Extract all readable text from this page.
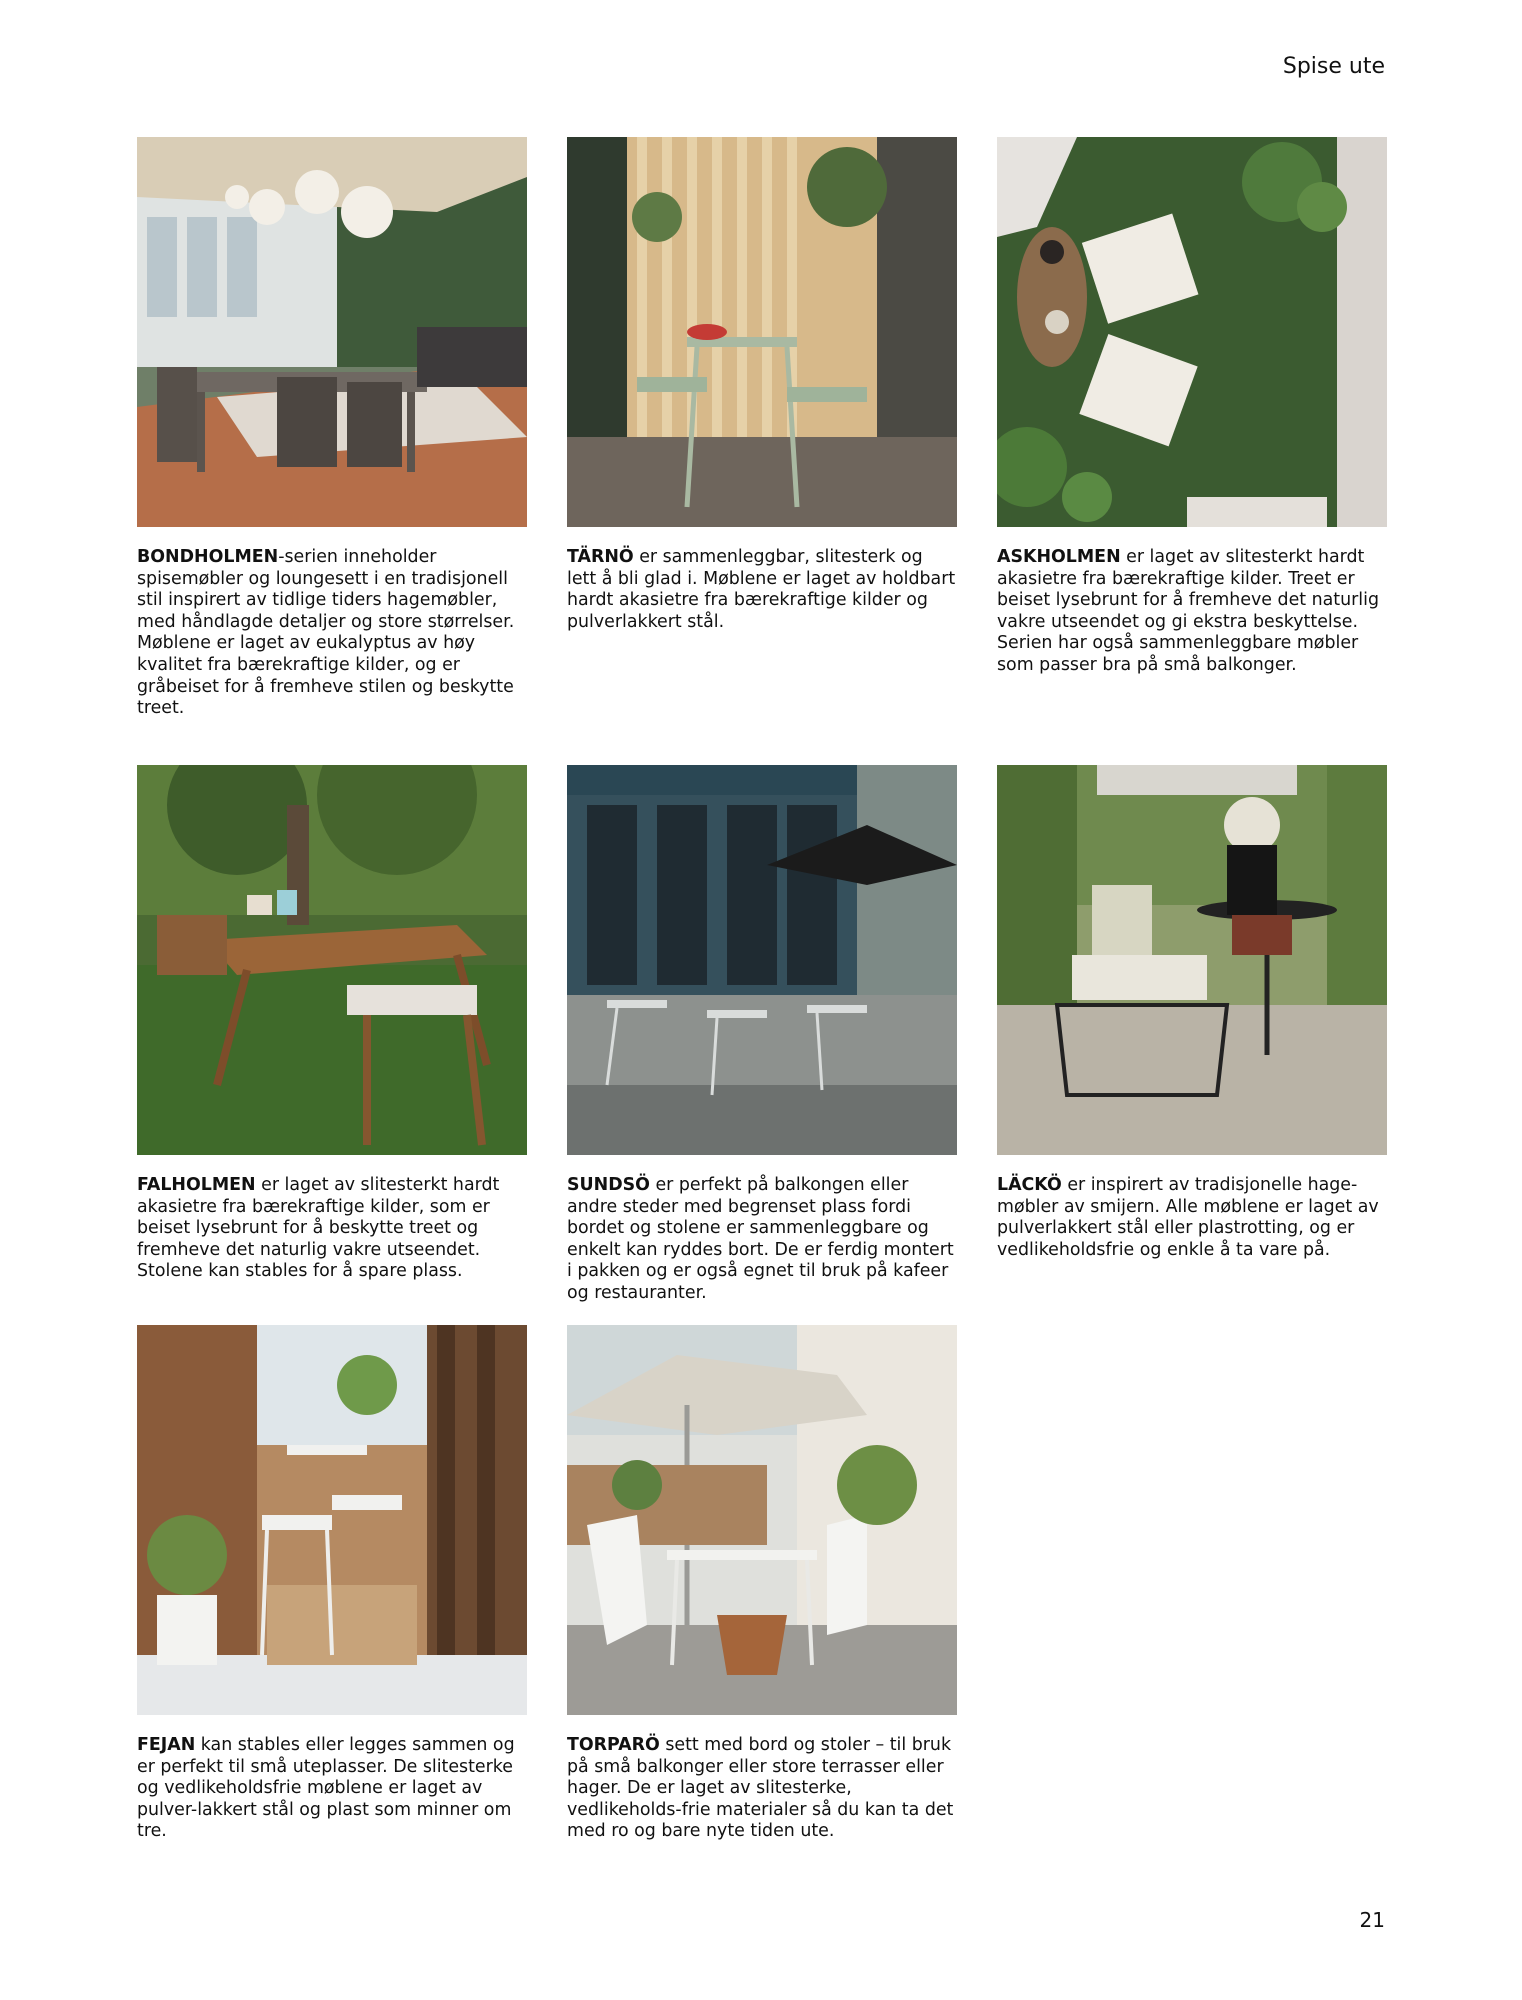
Spise ute
BONDHOLMEN-serien inneholder spisemøbler og loungesett i en tradisjonell stil inspirert av tidlige tiders hagemøbler, med håndlagde detaljer og store størrelser. Møblene er laget av eukalyptus av høy kvalitet fra bærekraftige kilder, og er gråbeiset for å fremheve stilen og beskytte treet.
TÄRNÖ er sammenleggbar, slitesterk og lett å bli glad i. Møblene er laget av holdbart hardt akasietre fra bærekraftige kilder og pulverlakkert stål.
ASKHOLMEN er laget av slitesterkt hardt akasietre fra bærekraftige kilder. Treet er beiset lysebrunt for å fremheve det naturlig vakre utseendet og gi ekstra beskyttelse. Serien har også sammenleggbare møbler som passer bra på små balkonger.
FALHOLMEN er laget av slitesterkt hardt akasietre fra bærekraftige kilder, som er beiset lysebrunt for å beskytte treet og fremheve det naturlig vakre utseendet. Stolene kan stables for å spare plass.
SUNDSÖ er perfekt på balkongen eller andre steder med begrenset plass fordi bordet og stolene er sammenleggbare og enkelt kan ryddes bort. De er ferdig montert i pakken og er også egnet til bruk på kafeer og restauranter.
LÄCKÖ er inspirert av tradisjonelle hage-møbler av smijern. Alle møblene er laget av pulverlakkert stål eller plastrotting, og er vedlikeholdsfrie og enkle å ta vare på.
FEJAN kan stables eller legges sammen og er perfekt til små uteplasser. De slitesterke og vedlikeholdsfrie møblene er laget av pulver-lakkert stål og plast som minner om tre.
TORPARÖ sett med bord og stoler – til bruk på små balkonger eller store terrasser eller hager. De er laget av slitesterke, vedlikeholds-frie materialer så du kan ta det med ro og bare nyte tiden ute.
21
